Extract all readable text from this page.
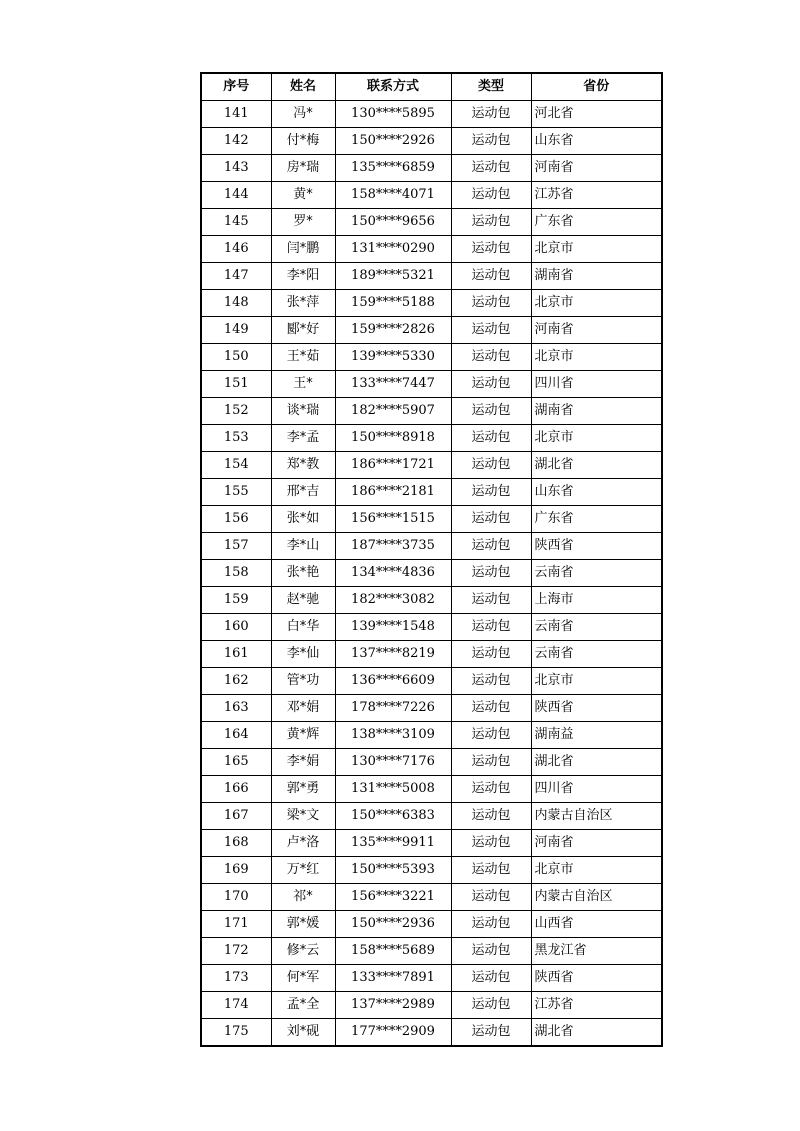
序号	姓名	联系方式	类型	省份
141	冯*	130****5895	运动包	河北省
142	付*梅	150****2926	运动包	山东省
143	房*瑞	135****6859	运动包	河南省
144	黄*	158****4071	运动包	江苏省
145	罗*	150****9656	运动包	广东省
146	闫*鹏	131****0290	运动包	北京市
147	李*阳	189****5321	运动包	湖南省
148	张*萍	159****5188	运动包	北京市
149	郾*好	159****2826	运动包	河南省
150	王*茹	139****5330	运动包	北京市
151	王*	133****7447	运动包	四川省
152	谈*瑞	182****5907	运动包	湖南省
153	李*孟	150****8918	运动包	北京市
154	郑*教	186****1721	运动包	湖北省
155	邢*吉	186****2181	运动包	山东省
156	张*如	156****1515	运动包	广东省
157	李*山	187****3735	运动包	陕西省
158	张*艳	134****4836	运动包	云南省
159	赵*驰	182****3082	运动包	上海市
160	白*华	139****1548	运动包	云南省
161	李*仙	137****8219	运动包	云南省
162	管*功	136****6609	运动包	北京市
163	邓*娟	178****7226	运动包	陕西省
164	黄*辉	138****3109	运动包	湖南益
165	李*娟	130****7176	运动包	湖北省
166	郭*勇	131****5008	运动包	四川省
167	梁*文	150****6383	运动包	内蒙古自治区
168	卢*洛	135****9911	运动包	河南省
169	万*红	150****5393	运动包	北京市
170	祁*	156****3221	运动包	内蒙古自治区
171	郭*媛	150****2936	运动包	山西省
172	修*云	158****5689	运动包	黑龙江省
173	何*军	133****7891	运动包	陕西省
174	孟*全	137****2989	运动包	江苏省
175	刘*砚	177****2909	运动包	湖北省
